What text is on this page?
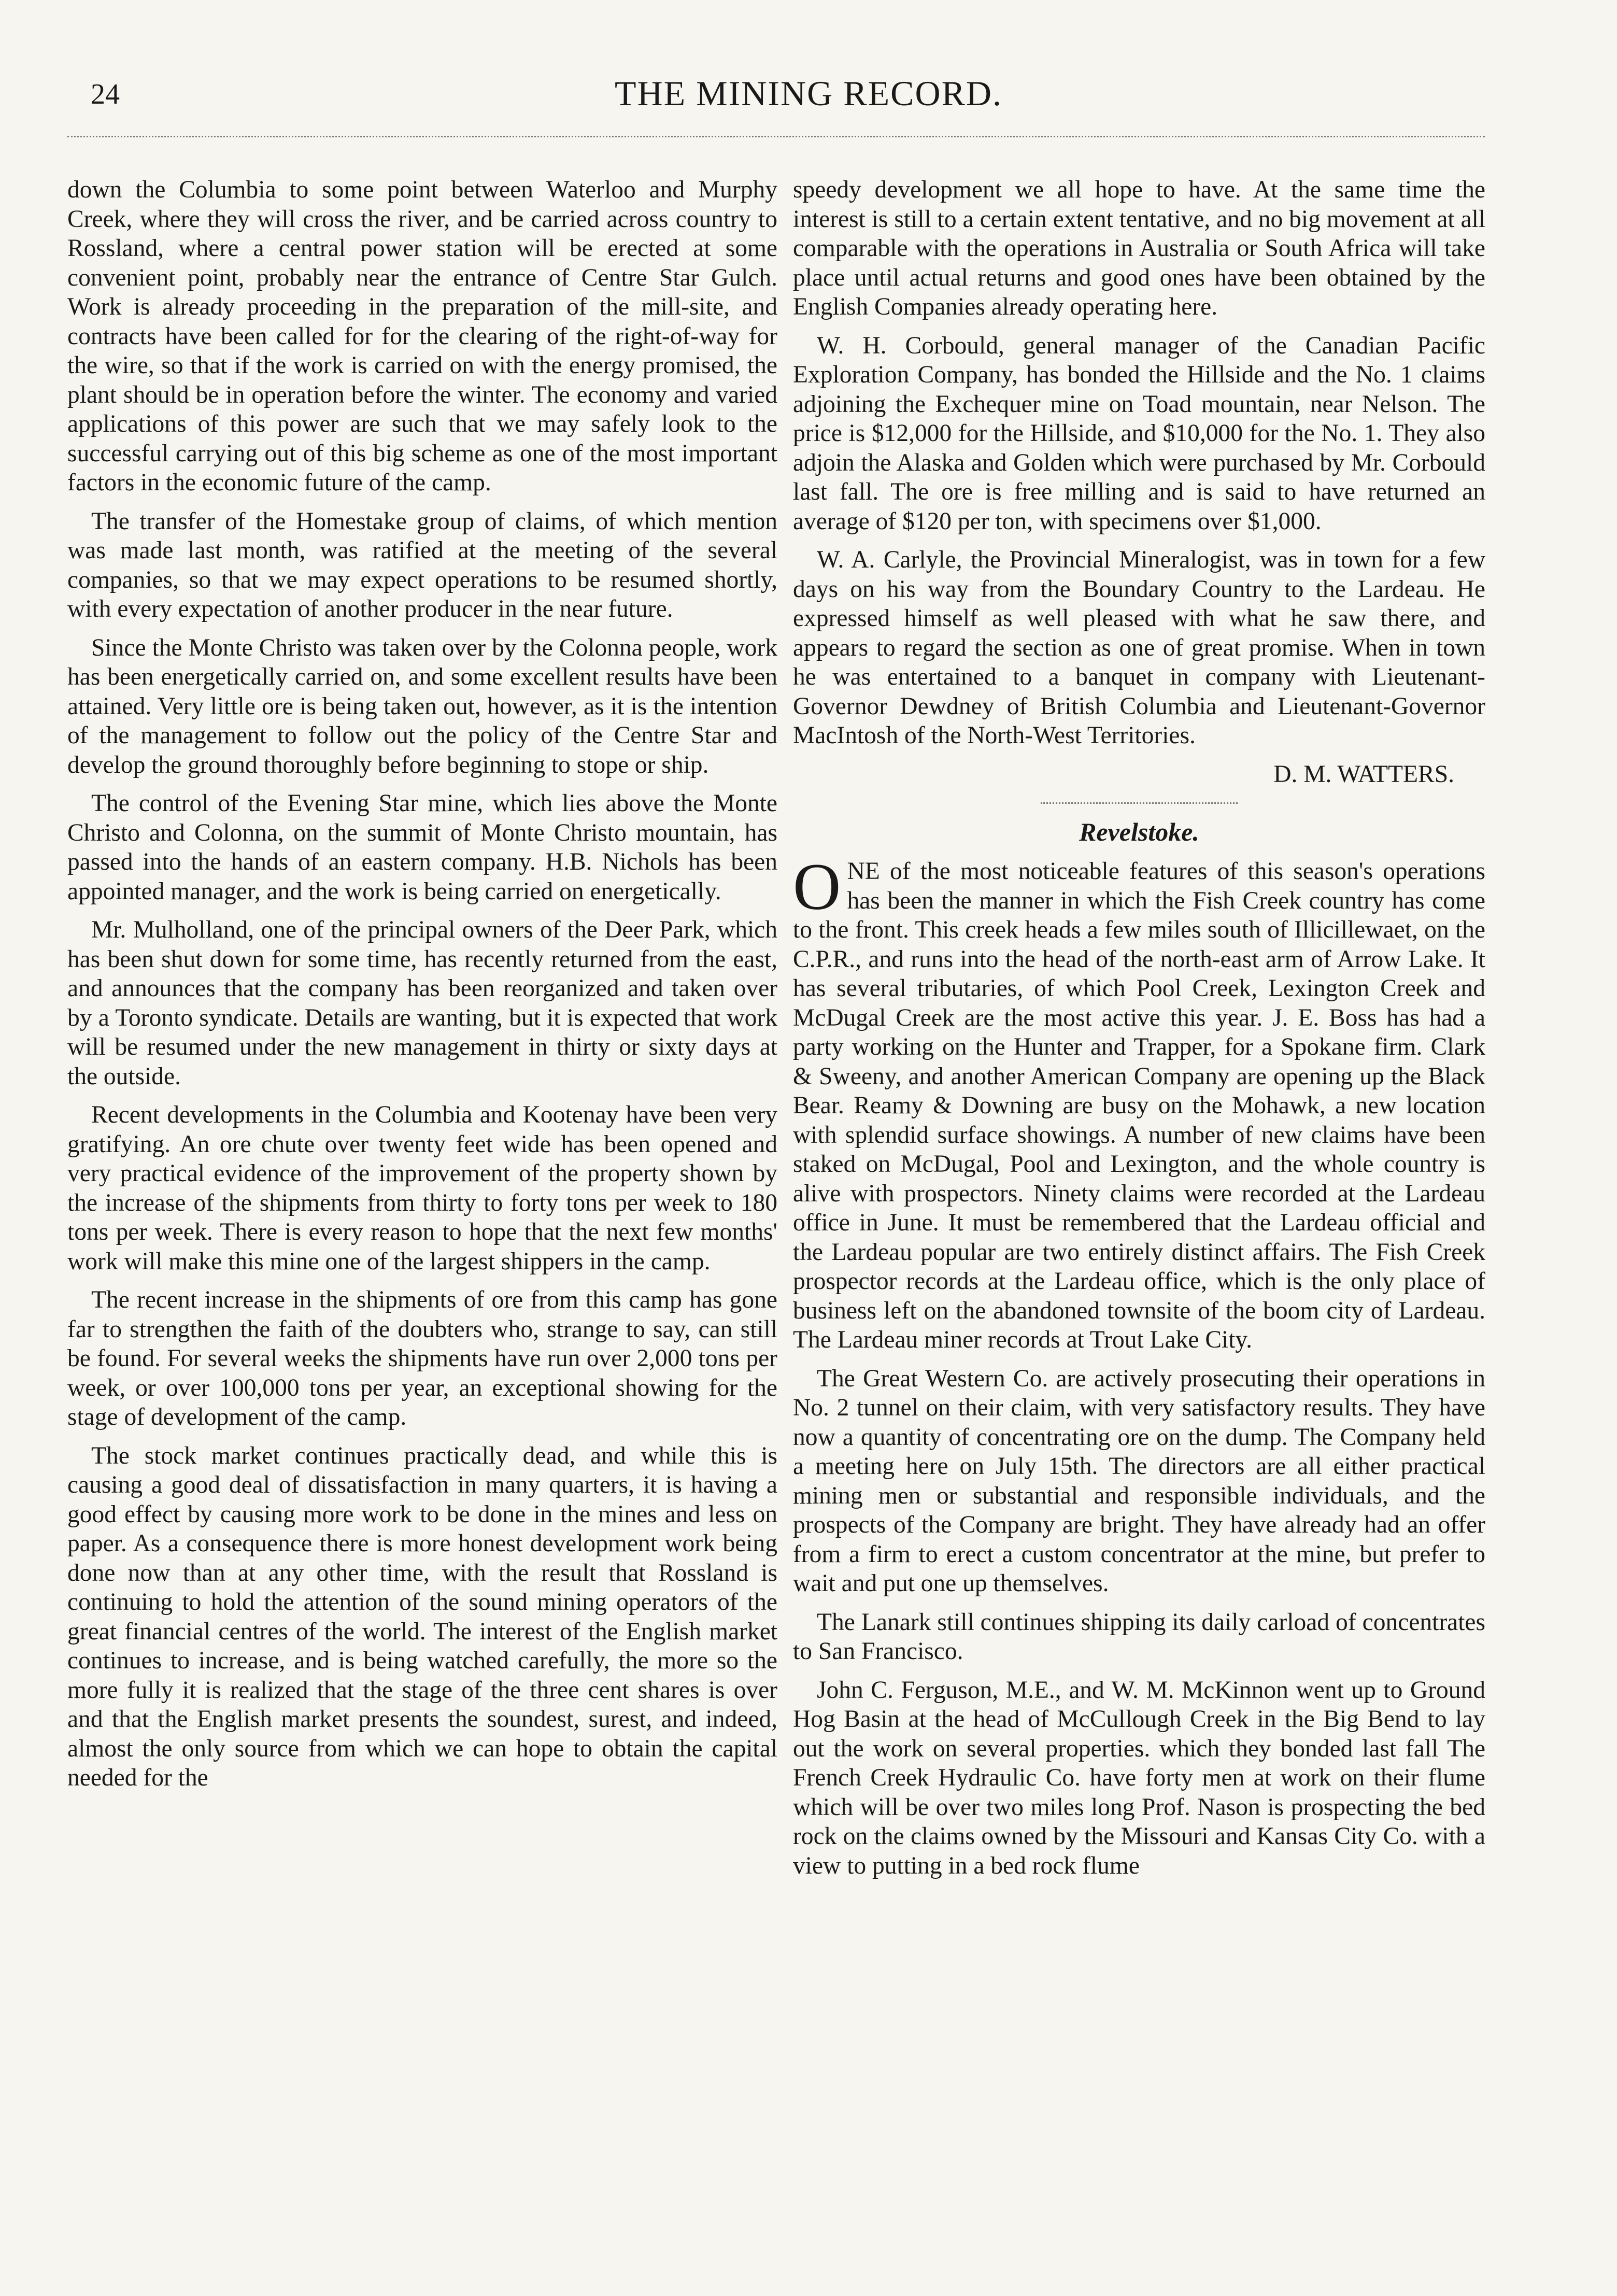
24	THE MINING RECORD.

down the Columbia to some point between Waterloo and Murphy Creek, where they will cross the river, and be carried across country to Rossland, where a central power station will be erected at some convenient point, probably near the entrance of Centre Star Gulch. Work is already proceeding in the preparation of the mill-site, and contracts have been called for for the clearing of the right-of-way for the wire, so that if the work is carried on with the energy promised, the plant should be in operation before the winter. The economy and varied applications of this power are such that we may safely look to the successful carrying out of this big scheme as one of the most important factors in the economic future of the camp.

The transfer of the Homestake group of claims, of which mention was made last month, was ratified at the meeting of the several companies, so that we may expect operations to be resumed shortly, with every expectation of another producer in the near future.

Since the Monte Christo was taken over by the Colonna people, work has been energetically carried on, and some excellent results have been attained. Very little ore is being taken out, however, as it is the intention of the management to follow out the policy of the Centre Star and develop the ground thoroughly before beginning to stope or ship.

The control of the Evening Star mine, which lies above the Monte Christo and Colonna, on the summit of Monte Christo mountain, has passed into the hands of an eastern company. H.B. Nichols has been appointed manager, and the work is being carried on energetically.

Mr. Mulholland, one of the principal owners of the Deer Park, which has been shut down for some time, has recently returned from the east, and announces that the company has been reorganized and taken over by a Toronto syndicate. Details are wanting, but it is expected that work will be resumed under the new management in thirty or sixty days at the outside.

Recent developments in the Columbia and Kootenay have been very gratifying. An ore chute over twenty feet wide has been opened and very practical evidence of the improvement of the property shown by the increase of the shipments from thirty to forty tons per week to 180 tons per week. There is every reason to hope that the next few months' work will make this mine one of the largest shippers in the camp.

The recent increase in the shipments of ore from this camp has gone far to strengthen the faith of the doubters who, strange to say, can still be found. For several weeks the shipments have run over 2,000 tons per week, or over 100,000 tons per year, an exceptional showing for the stage of development of the camp.

The stock market continues practically dead, and while this is causing a good deal of dissatisfaction in many quarters, it is having a good effect by causing more work to be done in the mines and less on paper. As a consequence there is more honest development work being done now than at any other time, with the result that Rossland is continuing to hold the attention of the sound mining operators of the great financial centres of the world. The interest of the English market continues to increase, and is being watched carefully, the more so the more fully it is realized that the stage of the three cent shares is over and that the English market presents the soundest, surest, and indeed, almost the only source from which we can hope to obtain the capital needed for the

speedy development we all hope to have. At the same time the interest is still to a certain extent tentative, and no big movement at all comparable with the operations in Australia or South Africa will take place until actual returns and good ones have been obtained by the English Companies already operating here.

W. H. Corbould, general manager of the Canadian Pacific Exploration Company, has bonded the Hillside and the No. 1 claims adjoining the Exchequer mine on Toad mountain, near Nelson. The price is $12,000 for the Hillside, and $10,000 for the No. 1. They also adjoin the Alaska and Golden which were purchased by Mr. Corbould last fall. The ore is free milling and is said to have returned an average of $120 per ton, with specimens over $1,000.

W. A. Carlyle, the Provincial Mineralogist, was in town for a few days on his way from the Boundary Country to the Lardeau. He expressed himself as well pleased with what he saw there, and appears to regard the section as one of great promise. When in town he was entertained to a banquet in company with Lieutenant-Governor Dewdney of British Columbia and Lieutenant-Governor MacIntosh of the North-West Territories.

D. M. WATTERS.
Revelstoke.

ONE of the most noticeable features of this season's operations has been the manner in which the Fish Creek country has come to the front. This creek heads a few miles south of Illicillewaet, on the C.P.R., and runs into the head of the north-east arm of Arrow Lake. It has several tributaries, of which Pool Creek, Lexington Creek and McDugal Creek are the most active this year. J. E. Boss has had a party working on the Hunter and Trapper, for a Spokane firm. Clark & Sweeny, and another American Company are opening up the Black Bear. Reamy & Downing are busy on the Mohawk, a new location with splendid surface showings. A number of new claims have been staked on McDugal, Pool and Lexington, and the whole country is alive with prospectors. Ninety claims were recorded at the Lardeau office in June. It must be remembered that the Lardeau official and the Lardeau popular are two entirely distinct affairs. The Fish Creek prospector records at the Lardeau office, which is the only place of business left on the abandoned townsite of the boom city of Lardeau. The Lardeau miner records at Trout Lake City.

The Great Western Co. are actively prosecuting their operations in No. 2 tunnel on their claim, with very satisfactory results. They have now a quantity of concentrating ore on the dump. The Company held a meeting here on July 15th. The directors are all either practical mining men or substantial and responsible individuals, and the prospects of the Company are bright. They have already had an offer from a firm to erect a custom concentrator at the mine, but prefer to wait and put one up themselves.

The Lanark still continues shipping its daily carload of concentrates to San Francisco.

John C. Ferguson, M.E., and W. M. McKinnon went up to Ground Hog Basin at the head of McCullough Creek in the Big Bend to lay out the work on several properties. which they bonded last fall The French Creek Hydraulic Co. have forty men at work on their flume which will be over two miles long Prof. Nason is prospecting the bed rock on the claims owned by the Missouri and Kansas City Co. with a view to putting in a bed rock flume
